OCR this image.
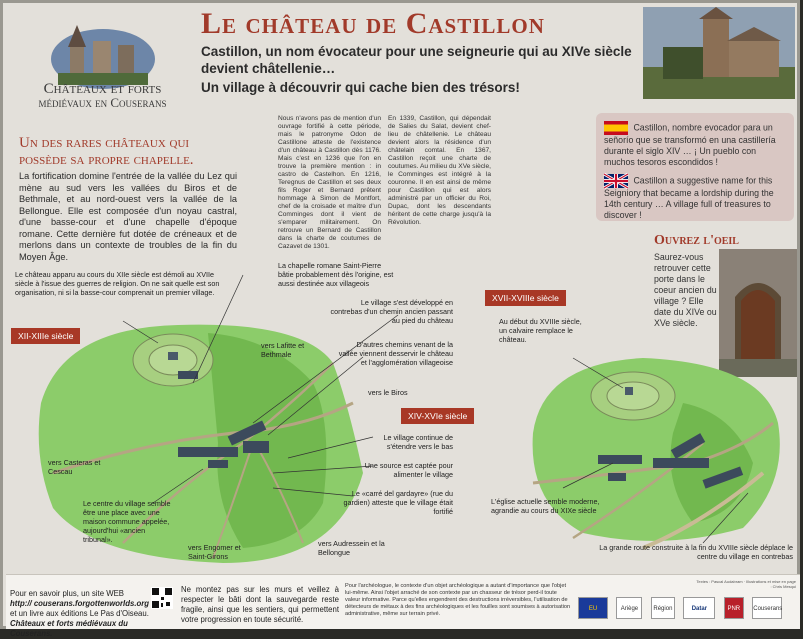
Châteaux et forts
médiévaux en Couserans
Le château de Castillon
Castillon, un nom évocateur pour une seigneurie qui au XIVe siècle devient châtellenie…
Un village à découvrir qui cache bien des trésors!
Un des rares châteaux qui possède sa propre chapelle.
La fortification domine l'entrée de la vallée du Lez qui mène au sud vers les vallées du Biros et de Bethmale, et au nord-ouest vers la vallée de la Bellongue. Elle est composée d'un noyau castral, d'une basse-cour et d'une chapelle d'époque romane. Cette dernière fut dotée de créneaux et de merlons dans un contexte de troubles de la fin du Moyen Âge.
Nous n'avons pas de mention d'un ouvrage fortifié à cette période, mais le patronyme Odon de Castillone atteste de l'existence d'un château à Castillon dès 1176. Mais c'est en 1236 que l'on en trouve la première mention : in castro de Castelhon. En 1216, Teregnus de Castillon et ses deux fils Roger et Bernard prêtent hommage à Simon de Montfort, chef de la croisade et maître d'un Comminges dont il vient de s'emparer militairement. On retrouve un Bernard de Castillon dans la charte de coutumes de Cazavet de 1301.
En 1339, Castillon, qui dépendait de Salies du Salat, devient chef-lieu de châtellenie. Le château devient alors la résidence d'un châtelain comtal. En 1367, Castillon reçoit une charte de coutumes. Au milieu du XVe siècle, le Comminges est intégré à la couronne. Il en est ainsi de même pour Castillon qui est alors administré par un officier du Roi, Dupac, dont les descendants héritent de cette charge jusqu'à la Révolution.
Castillon, nombre evocador para un señorío que se transformó en una castillería durante el siglo XIV … ¡ Un pueblo con muchos tesoros escondidos !
Castillon a suggestive name for this Seigniory that became a lordship during the 14th century … A village full of treasures to discover !
Ouvrez l'oeil
Saurez-vous retrouver cette porte dans le coeur ancien du village ? Elle date du XIVe ou XVe siècle.
Le château apparu au cours du XIIe siècle est démoli au XVIIe siècle à l'issue des guerres de religion. On ne sait quelle est son organisation, ni si la basse-cour comprenait un premier village.
XII-XIIIe siècle
La chapelle romane Saint-Pierre bâtie probablement dès l'origine, est aussi destinée aux villageois
Le village s'est développé en contrebas d'un chemin ancien passant au pied du château
D'autres chemins venant de la vallée viennent desservir le château et l'agglomération villageoise
vers Lafitte et Bethmale
vers le Biros
XIV-XVIe siècle
Le village continue de s'étendre vers le bas
Une source est captée pour alimenter le village
Le «carré del gardayre» (rue du gardien) atteste que le village était fortifié
vers Casteras et Cescau
Le centre du village semble être une place avec une maison commune appelée, aujourd'hui «ancien tribunal».
vers Engomer et Saint-Girons
vers Audressein et la Bellongue
XVII-XVIIIe siècle
Au début du XVIIIe siècle, un calvaire remplace le château.
L'église actuelle semble moderne, agrandie au cours du XIXe siècle
La grande route construite à la fin du XVIIIe siècle déplace le centre du village en contrebas
Pour en savoir plus, un site WEB
http:// couserans.forgottenworlds.org
et un livre aux éditions Le Pas d'Oiseau.
Châteaux et forts médiévaux du Couserans.
Ne montez pas sur les murs et veillez à respecter le bâti dont la sauvegarde reste fragile, ainsi que les sentiers, qui permettent votre progression en toute sécurité.
Pour l'archéologue, le contexte d'un objet archéologique a autant d'importance que l'objet lui-même. Ainsi l'objet arraché de son contexte par un chasseur de trésor perd-il toute valeur informative. Parce qu'elles engendrent des destructions irréversibles, l'utilisation de détecteurs de métaux à des fins archéologiques et les fouilles sont soumises à autorisation administrative, même sur terrain privé.
Textes : Pascal Audabram · Illustrations et mise en page : Chris Mesqui
EU	Ariège	Région	Datar	PNR Couserans
